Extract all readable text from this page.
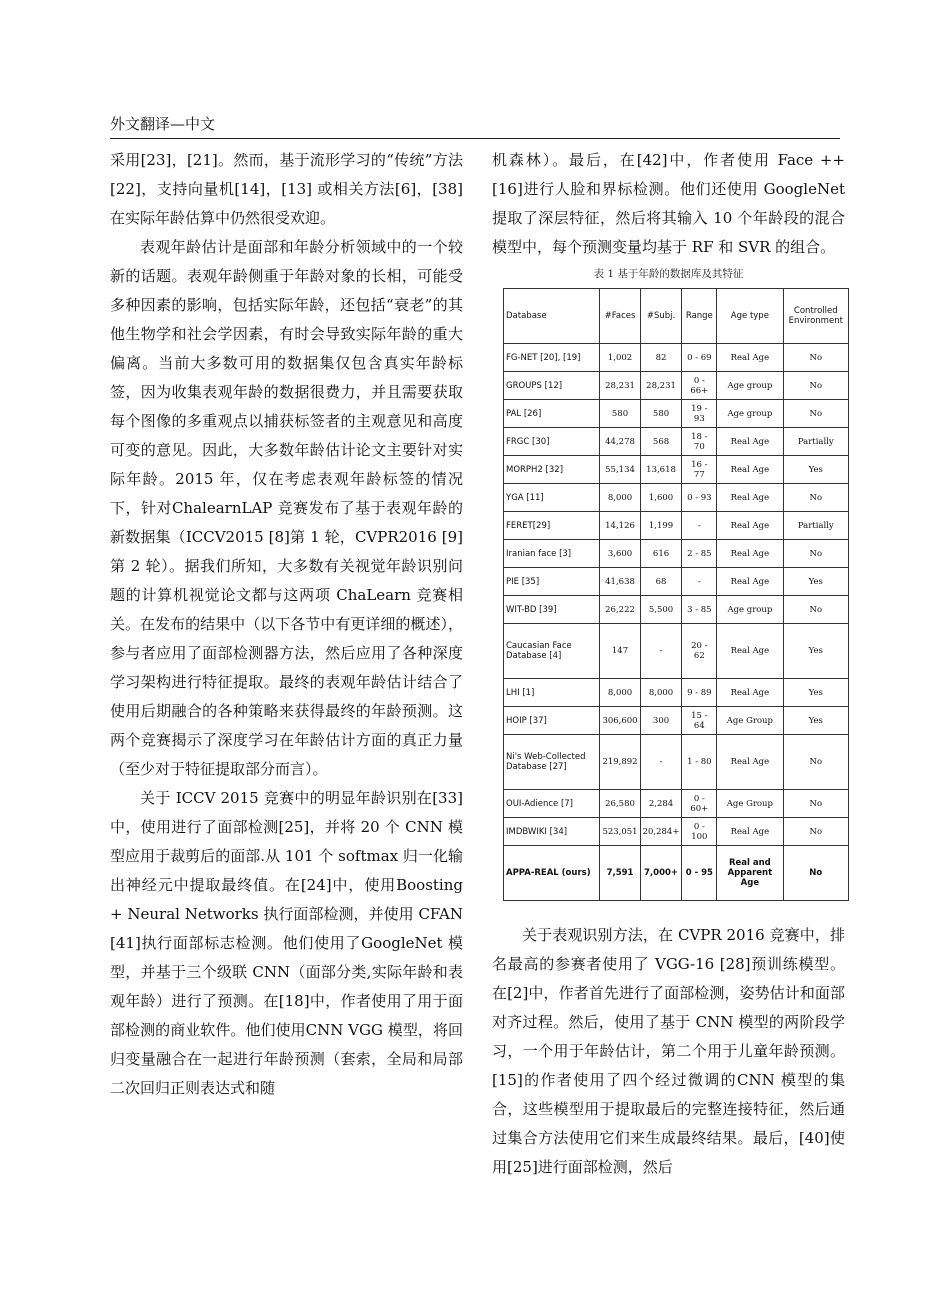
外文翻译—中文

采用[23]，[21]。然而，基于流形学习的“传统”方法[22]，支持向量机[14]，[13] 或相关方法[6]，[38]在实际年龄估算中仍然很受欢迎。

表观年龄估计是面部和年龄分析领域中的一个较新的话题。表观年龄侧重于年龄对象的长相，可能受多种因素的影响，包括实际年龄，还包括“衰老”的其他生物学和社会学因素，有时会导致实际年龄的重大偏离。当前大多数可用的数据集仅包含真实年龄标签，因为收集表观年龄的数据很费力，并且需要获取每个图像的多重观点以捕获标签者的主观意见和高度可变的意见。因此，大多数年龄估计论文主要针对实际年龄。2015 年，仅在考虑表观年龄标签的情况下，针对ChalearnLAP 竞赛发布了基于表观年龄的新数据集（ICCV2015 [8]第 1 轮，CVPR2016 [9]第 2 轮）。据我们所知，大多数有关视觉年龄识别问题的计算机视觉论文都与这两项 ChaLearn 竞赛相关。在发布的结果中（以下各节中有更详细的概述），参与者应用了面部检测器方法，然后应用了各种深度学习架构进行特征提取。最终的表观年龄估计结合了使用后期融合的各种策略来获得最终的年龄预测。这两个竞赛揭示了深度学习在年龄估计方面的真正力量（至少对于特征提取部分而言）。

关于 ICCV 2015 竞赛中的明显年龄识别在[33]中，使用进行了面部检测[25]，并将 20 个 CNN 模型应用于裁剪后的面部.从 101 个 softmax 归一化输出神经元中提取最终值。在[24]中，使用Boosting + Neural Networks 执行面部检测，并使用 CFAN [41]执行面部标志检测。他们使用了GoogleNet 模型，并基于三个级联 CNN（面部分类,实际年龄和表观年龄）进行了预测。在[18]中，作者使用了用于面部检测的商业软件。他们使用CNN VGG 模型，将回归变量融合在一起进行年龄预测（套索，全局和局部二次回归正则表达式和随

机森林）。最后，在[42]中，作者使用 Face ++ [16]进行人脸和界标检测。他们还使用 GoogleNet 提取了深层特征，然后将其输入 10 个年龄段的混合模型中，每个预测变量均基于 RF 和 SVR 的组合。

表 1 基于年龄的数据库及其特征
Database	#Faces	#Subj.	Range	Age type	Controlled Environment
FG-NET [20], [19]	1,002	82	0 - 69	Real Age	No
GROUPS [12]	28,231	28,231	0 - 66+	Age group	No
PAL [26]	580	580	19 - 93	Age group	No
FRGC [30]	44,278	568	18 - 70	Real Age	Partially
MORPH2 [32]	55,134	13,618	16 - 77	Real Age	Yes
YGA [11]	8,000	1,600	0 - 93	Real Age	No
FERET[29]	14,126	1,199	-	Real Age	Partially
Iranian face [3]	3,600	616	2 - 85	Real Age	No
PIE [35]	41,638	68	-	Real Age	Yes
WIT-BD [39]	26,222	5,500	3 - 85	Age group	No
Caucasian Face Database [4]	147	-	20 - 62	Real Age	Yes
LHI [1]	8,000	8,000	9 - 89	Real Age	Yes
HOIP [37]	306,600	300	15 - 64	Age Group	Yes
Ni's Web-Collected Database [27]	219,892	-	1 - 80	Real Age	No
OUI-Adience [7]	26,580	2,284	0 - 60+	Age Group	No
IMDBWIKI [34]	523,051	20,284+	0 - 100	Real Age	No
APPA-REAL (ours)	7,591	7,000+	0 - 95	Real and Apparent Age	No

关于表观识别方法，在 CVPR 2016 竞赛中，排名最高的参赛者使用了 VGG-16 [28]预训练模型。在[2]中，作者首先进行了面部检测，姿势估计和面部对齐过程。然后，使用了基于 CNN 模型的两阶段学习，一个用于年龄估计，第二个用于儿童年龄预测。[15]的作者使用了四个经过微调的CNN 模型的集合，这些模型用于提取最后的完整连接特征，然后通过集合方法使用它们来生成最终结果。最后，[40]使用[25]进行面部检测，然后
